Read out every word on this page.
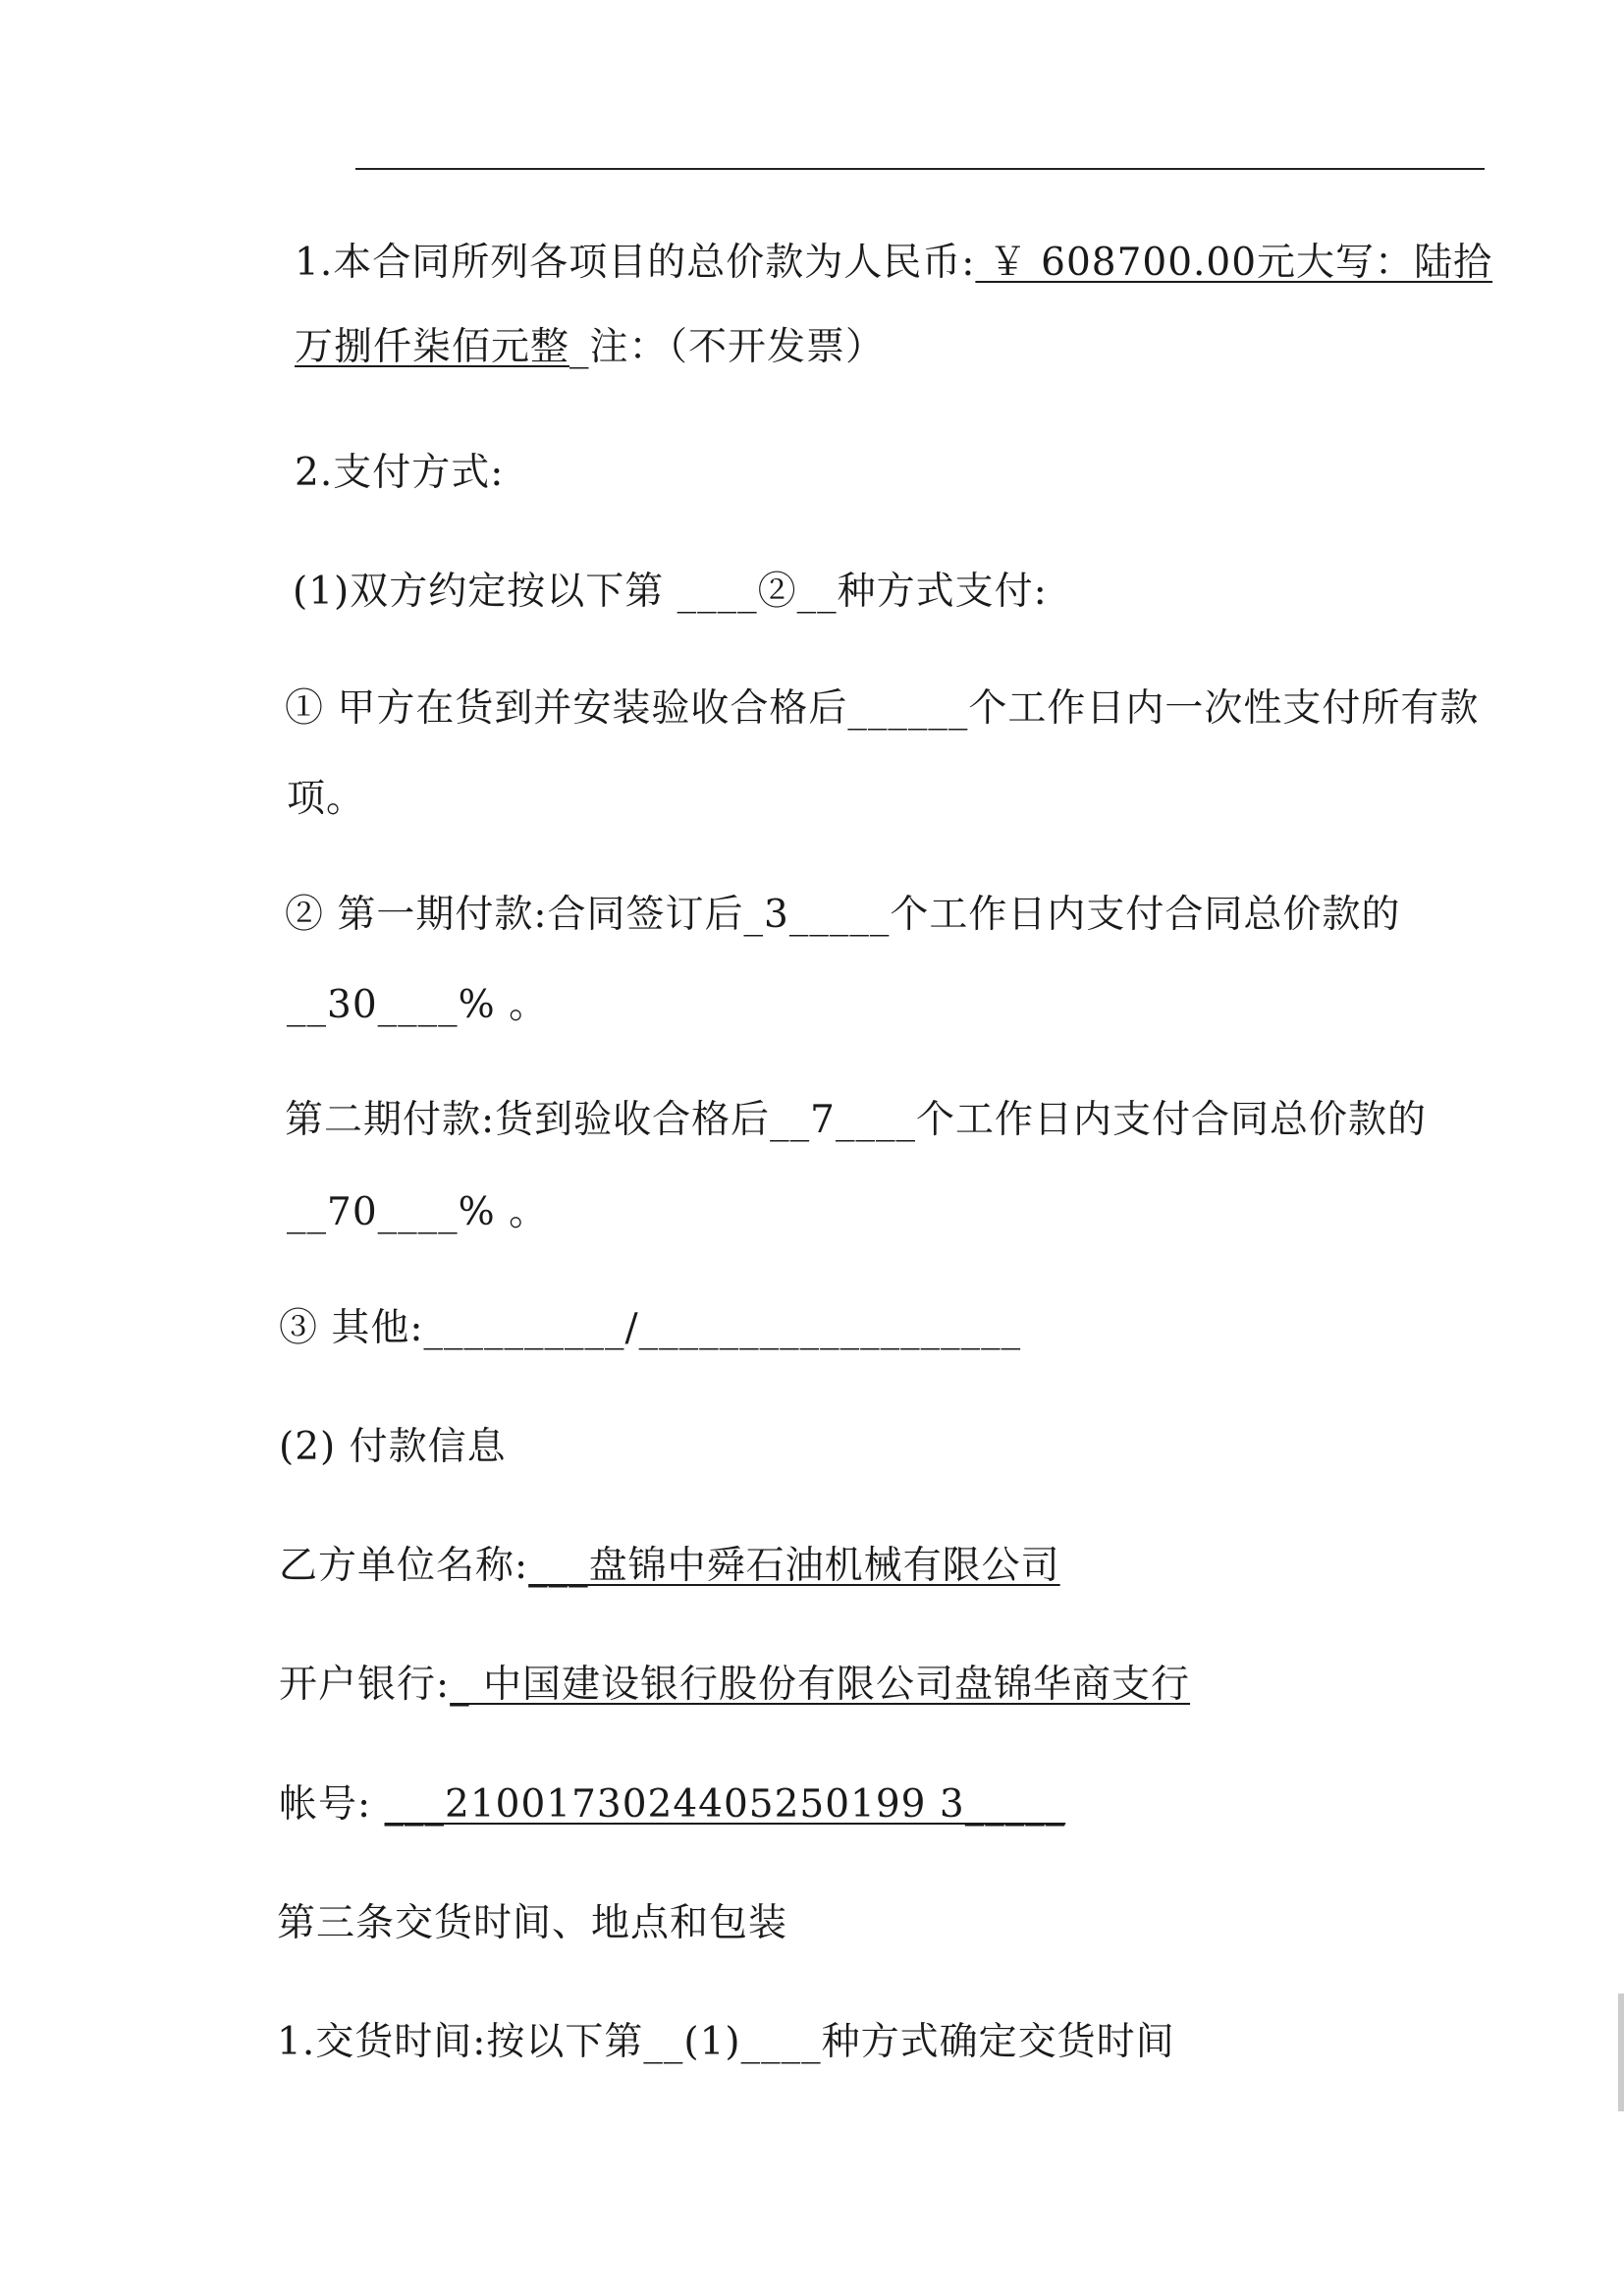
1.本合同所列各项目的总价款为人民币: ￥ 608700.00元大写：陆拾
万捌仟柒佰元整_注：（不开发票）
2.支付方式:
(1)双方约定按以下第 ____②__种方式支付:
① 甲方在货到并安装验收合格后______个工作日内一次性支付所有款
项。
② 第一期付款:合同签订后_3_____个工作日内支付合同总价款的
__30____% 。
第二期付款:货到验收合格后__7____个工作日内支付合同总价款的
__70____% 。
③ 其他:__________/___________________
(2) 付款信息
乙方单位名称:___盘锦中舜石油机械有限公司
开户银行:_ 中国建设银行股份有限公司盘锦华商支行
帐号: ___2100173024405250199 3_____
第三条交货时间、地点和包装
1.交货时间:按以下第__(1)____种方式确定交货时间
